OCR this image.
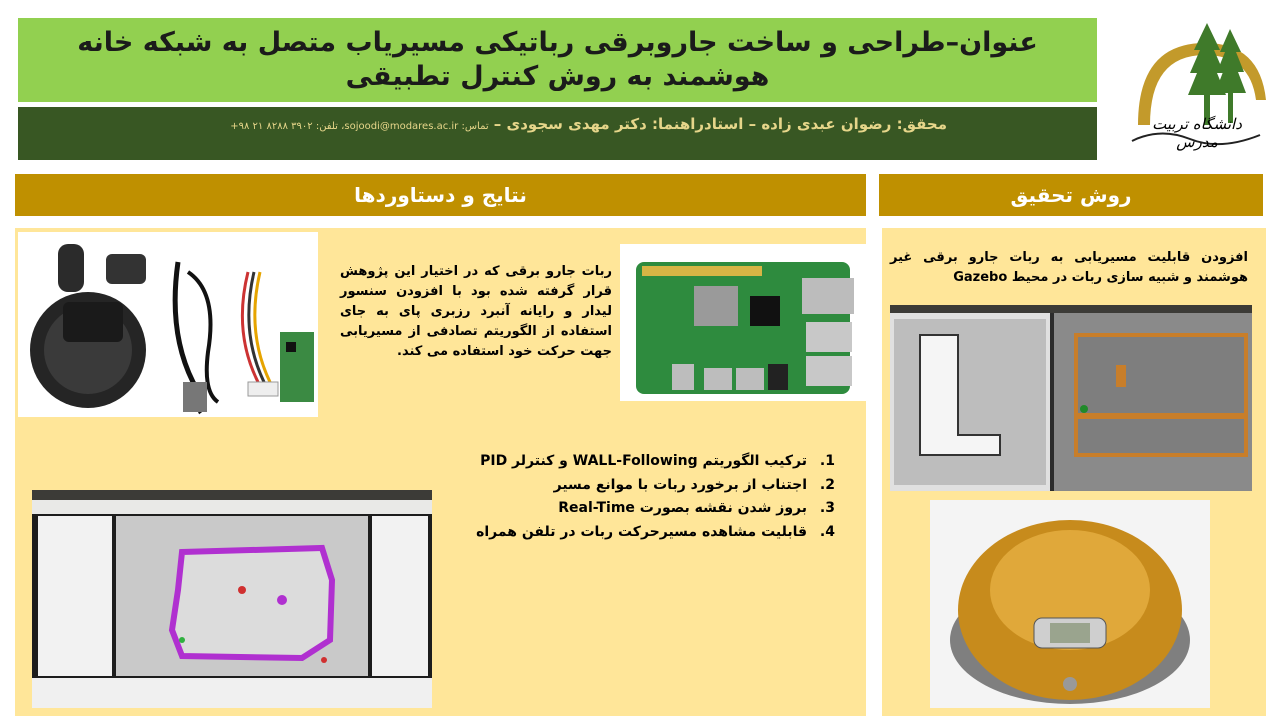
عنوان–طراحی و ساخت جاروبرقی رباتیکی مسیریاب متصل به شبکه خانه هوشمند به روش کنترل تطبیقی
محقق: رضوان عبدی زاده – استادراهنما: دکتر مهدی سجودی – تماس: sojoodi@modares.ac.ir، تلفن: ۳۹۰۲ ۸۲۸۸ ۲۱ ۹۸+	دانشگاه تربیت مدرس
نتایج و دستاوردها	روش تحقیق
ربات جارو برقی که در اختیار این پژوهش قرار گرفته شده بود با افزودن سنسور لیدار و رایانه آنبرد رزبری پای به جای استفاده از الگوریتم تصادفی از مسیریابی جهت حرکت خود استفاده می کند.
1.
ترکیب الگوریتم WALL-Following و کنترلر PID
2.
اجتناب از برخورد ربات با موانع مسیر
3.
بروز شدن نقشه بصورت Real-Time
4.
قابلیت مشاهده مسیرحرکت ربات در تلفن همراه
افزودن قابلیت مسیریابی به ربات جارو برقی غیر هوشمند و شبیه سازی ربات در محیط Gazebo
